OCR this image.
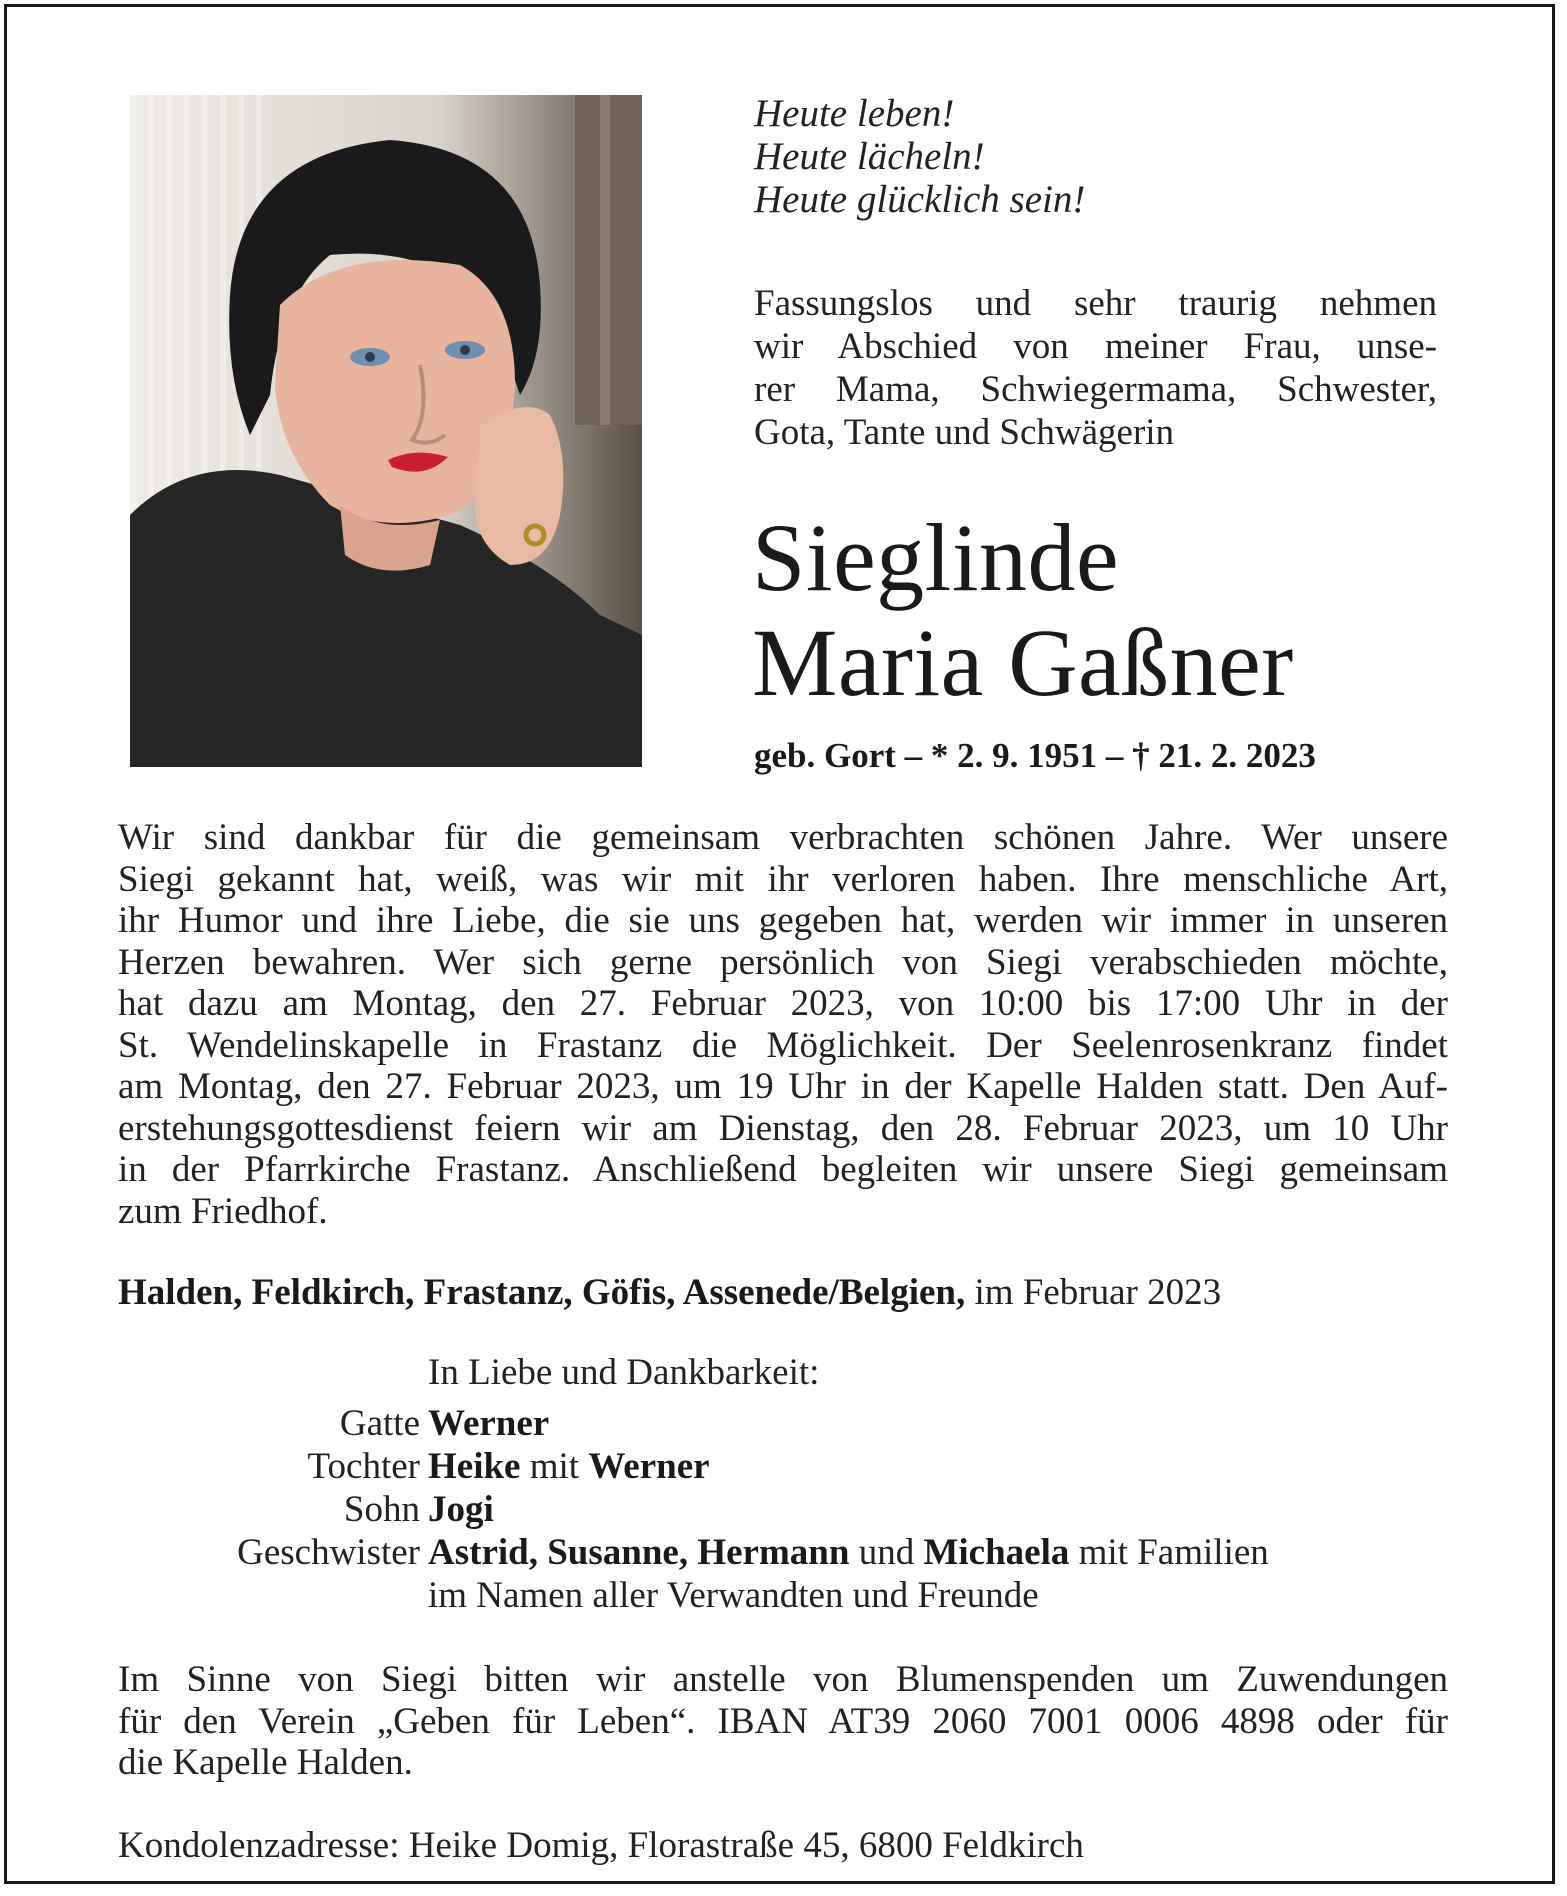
Heute leben!
Heute lächeln!
Heute glücklich sein!
Fassungslos und sehr traurig nehmen
wir Abschied von meiner Frau, unse-
rer Mama, Schwiegermama, Schwester,
Gota, Tante und Schwägerin
Sieglinde
Maria Gaßner
geb. Gort – * 2. 9. 1951 – † 21. 2. 2023
Wir sind dankbar für die gemeinsam verbrachten schönen Jahre. Wer unsere
Siegi gekannt hat, weiß, was wir mit ihr verloren haben. Ihre menschliche Art,
ihr Humor und ihre Liebe, die sie uns gegeben hat, werden wir immer in unseren
Herzen bewahren. Wer sich gerne persönlich von Siegi verabschieden möchte,
hat dazu am Montag, den 27. Februar 2023, von 10:00 bis 17:00 Uhr in der
St. Wendelinskapelle in Frastanz die Möglichkeit. Der Seelenrosenkranz findet
am Montag, den 27. Februar 2023, um 19 Uhr in der Kapelle Halden statt. Den Auf-
erstehungsgottesdienst feiern wir am Dienstag, den 28. Februar 2023, um 10 Uhr
in der Pfarrkirche Frastanz. Anschließend begleiten wir unsere Siegi gemeinsam
zum Friedhof.
Halden, Feldkirch, Frastanz, Göfis, Assenede/Belgien, im Februar 2023
In Liebe und Dankbarkeit:
Gatte Werner
Tochter Heike mit Werner
Sohn Jogi
Geschwister Astrid, Susanne, Hermann und Michaela mit Familien
im Namen aller Verwandten und Freunde
Im Sinne von Siegi bitten wir anstelle von Blumenspenden um Zuwendungen
für den Verein „Geben für Leben“. IBAN AT39 2060 7001 0006 4898 oder für
die Kapelle Halden.
Kondolenzadresse: Heike Domig, Florastraße 45, 6800 Feldkirch
